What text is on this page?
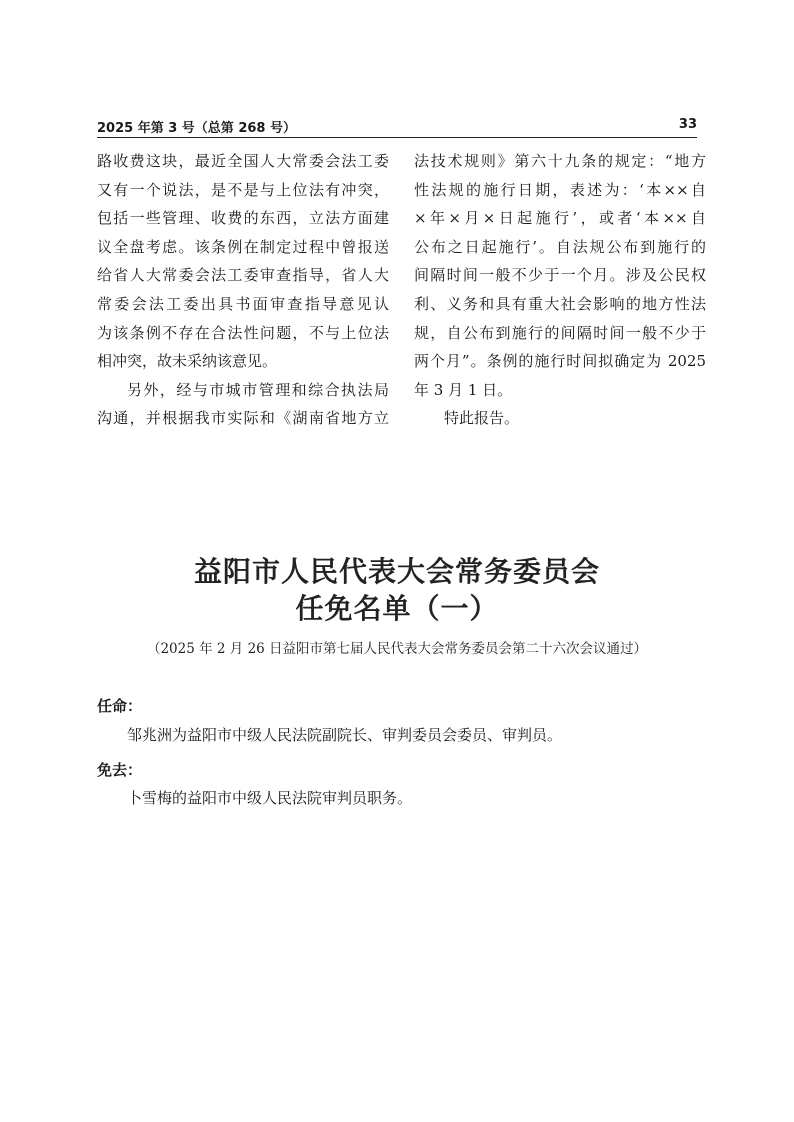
2025 年第 3 号（总第 268 号）	33

路收费这块，最近全国人大常委会法工委

又有一个说法，是不是与上位法有冲突，

包括一些管理、收费的东西，立法方面建

议全盘考虑。该条例在制定过程中曾报送

给省人大常委会法工委审查指导，省人大

常委会法工委出具书面审查指导意见认

为该条例不存在合法性问题，不与上位法

相冲突，故未采纳该意见。

另外，经与市城市管理和综合执法局

沟通，并根据我市实际和《湖南省地方立

法技术规则》第六十九条的规定：“地方

性法规的施行日期，表述为：‘本××自

×年×月×日起施行’，或者‘本××自

公布之日起施行’。自法规公布到施行的

间隔时间一般不少于一个月。涉及公民权

利、义务和具有重大社会影响的地方性法

规，自公布到施行的间隔时间一般不少于

两个月”。条例的施行时间拟确定为 2025

年 3 月 1 日。

特此报告。

益阳市人民代表大会常务委员会
任免名单（一）
（2025 年 2 月 26 日益阳市第七届人民代表大会常务委员会第二十六次会议通过）
任命：
邹兆洲为益阳市中级人民法院副院长、审判委员会委员、审判员。
免去：
卜雪梅的益阳市中级人民法院审判员职务。
